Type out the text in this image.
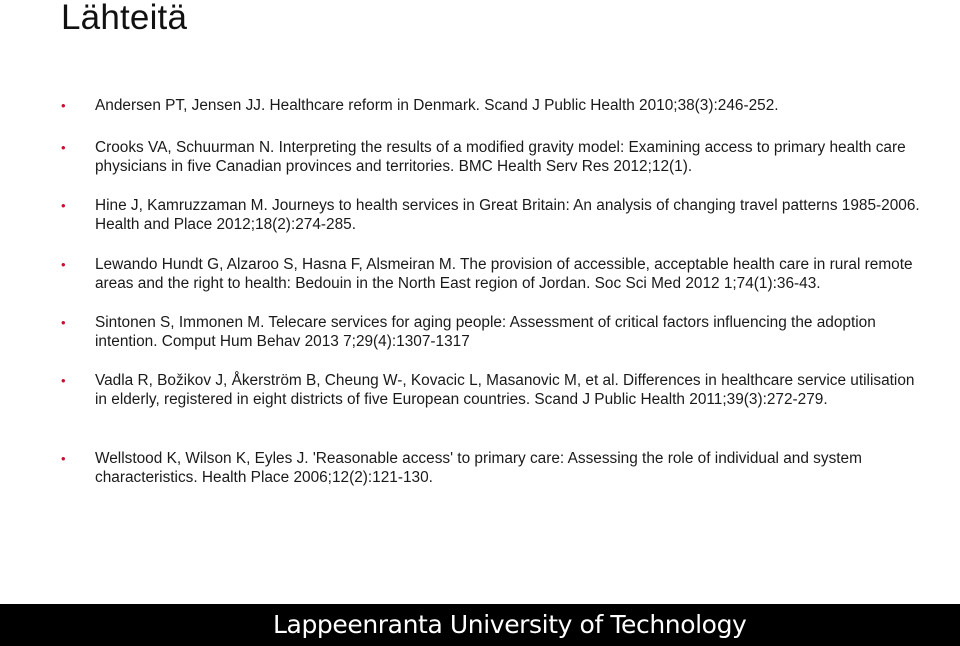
Lähteitä
• Andersen PT, Jensen JJ. Healthcare reform in Denmark. Scand J Public Health 2010;38(3):246-252.
• Crooks VA, Schuurman N. Interpreting the results of a modified gravity model: Examining access to primary health care physicians in five Canadian provinces and territories. BMC Health Serv Res 2012;12(1).
• Hine J, Kamruzzaman M. Journeys to health services in Great Britain: An analysis of changing travel patterns 1985-2006. Health and Place 2012;18(2):274-285.
• Lewando Hundt G, Alzaroo S, Hasna F, Alsmeiran M. The provision of accessible, acceptable health care in rural remote areas and the right to health: Bedouin in the North East region of Jordan. Soc Sci Med 2012 1;74(1):36-43.
• Sintonen S, Immonen M. Telecare services for aging people: Assessment of critical factors influencing the adoption intention. Comput Hum Behav 2013 7;29(4):1307-1317
• Vadla R, Božikov J, Åkerström B, Cheung W-, Kovacic L, Masanovic M, et al. Differences in healthcare service utilisation in elderly, registered in eight districts of five European countries. Scand J Public Health 2011;39(3):272-279.
• Wellstood K, Wilson K, Eyles J. 'Reasonable access' to primary care: Assessing the role of individual and system characteristics. Health Place 2006;12(2):121-130.
Lappeenranta University of Technology
